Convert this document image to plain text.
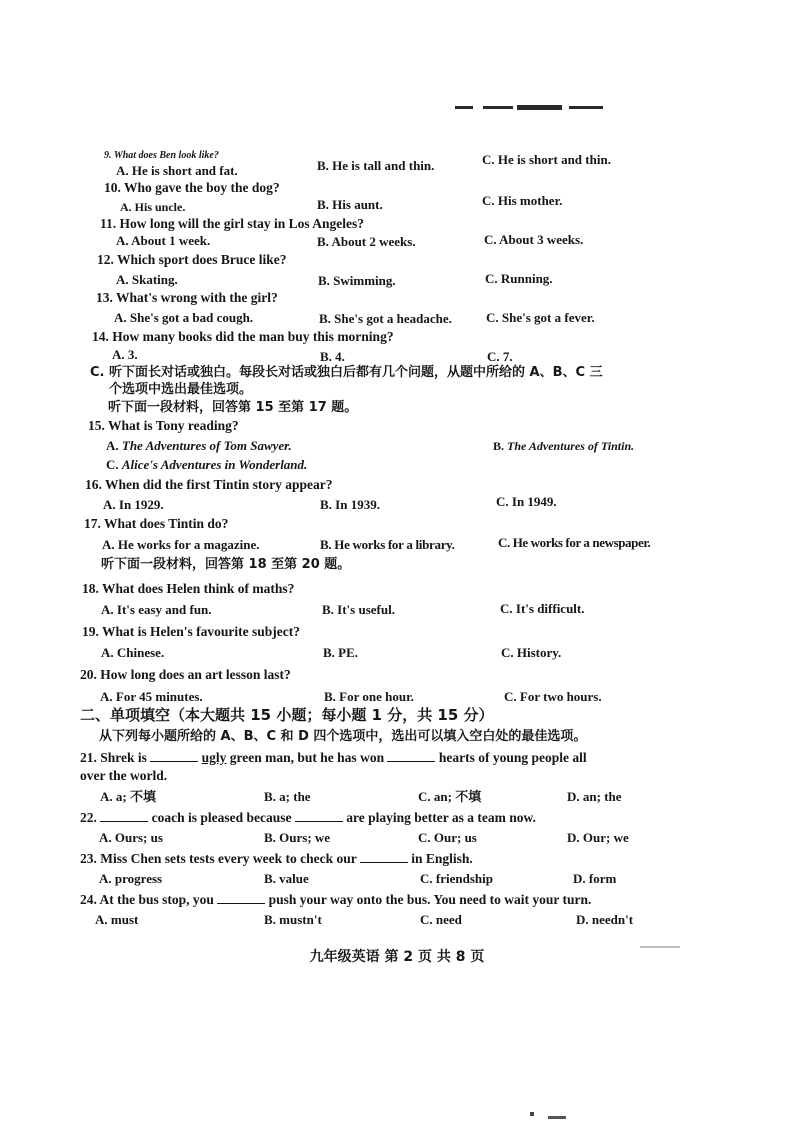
9. What does Ben look like?
A. He is short and fat.	B. He is tall and thin.	C. He is short and thin.
10. Who gave the boy the dog?
A. His uncle.	B. His aunt.	C. His mother.
11. How long will the girl stay in Los Angeles?
A. About 1 week.	B. About 2 weeks.	C. About 3 weeks.
12. Which sport does Bruce like?
A. Skating.	B. Swimming.	C. Running.
13. What's wrong with the girl?
A. She's got a bad cough.	B. She's got a headache.	C. She's got a fever.
14. How many books did the man buy this morning?
A. 3.	B. 4.	C. 7.
C. 听下面长对话或独白。每段长对话或独白后都有几个问题，从题中所给的 A、B、C 三
个选项中选出最佳选项。
听下面一段材料，回答第 15 至第 17 题。
15. What is Tony reading?
A. The Adventures of Tom Sawyer.	B. The Adventures of Tintin.
C. Alice's Adventures in Wonderland.
16. When did the first Tintin story appear?
A. In 1929.	B. In 1939.	C. In 1949.
17. What does Tintin do?
A. He works for a magazine.	B. He works for a library.	C. He works for a newspaper.
听下面一段材料，回答第 18 至第 20 题。
18. What does Helen think of maths?
A. It's easy and fun.	B. It's useful.	C. It's difficult.
19. What is Helen's favourite subject?
A. Chinese.	B. PE.	C. History.
20. How long does an art lesson last?
A. For 45 minutes.	B. For one hour.	C. For two hours.
二、单项填空（本大题共 15 小题；每小题 1 分，共 15 分）
从下列每小题所给的 A、B、C 和 D 四个选项中，选出可以填入空白处的最佳选项。
21. Shrek is	ugly green man, but he has won	hearts of young people all
over the world.
A. a; 不填	B. a; the	C. an; 不填	D. an; the
22.	coach is pleased because	are playing better as a team now.
A. Ours; us	B. Ours; we	C. Our; us	D. Our; we
23. Miss Chen sets tests every week to check our	in English.
A. progress	B. value	C. friendship	D. form
24. At the bus stop, you	push your way onto the bus. You need to wait your turn.
A. must	B. mustn't	C. need	D. needn't
九年级英语 第 2 页 共 8 页
